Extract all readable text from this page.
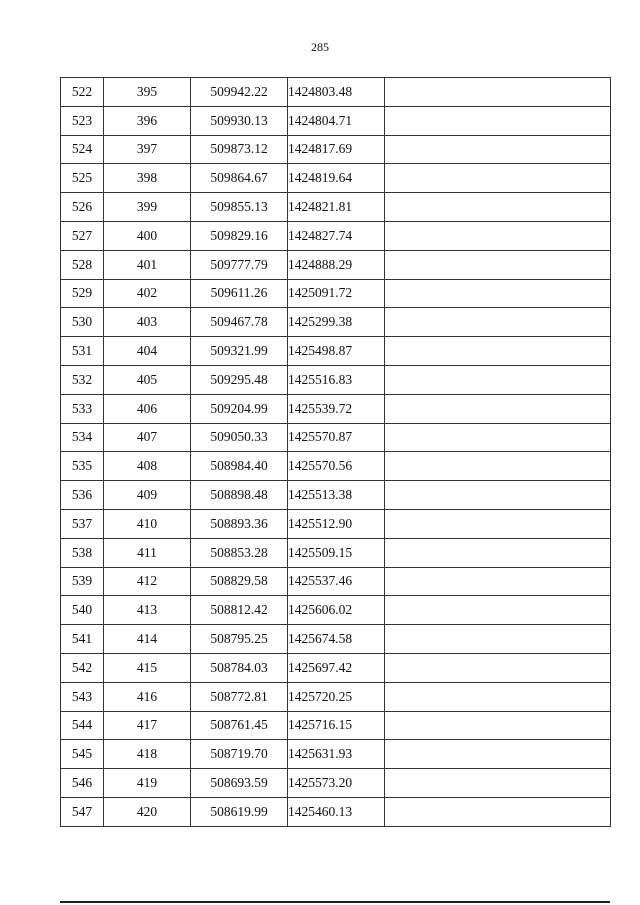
285
522	395	509942.22	1424803.48	
523	396	509930.13	1424804.71	
524	397	509873.12	1424817.69	
525	398	509864.67	1424819.64	
526	399	509855.13	1424821.81	
527	400	509829.16	1424827.74	
528	401	509777.79	1424888.29	
529	402	509611.26	1425091.72	
530	403	509467.78	1425299.38	
531	404	509321.99	1425498.87	
532	405	509295.48	1425516.83	
533	406	509204.99	1425539.72	
534	407	509050.33	1425570.87	
535	408	508984.40	1425570.56	
536	409	508898.48	1425513.38	
537	410	508893.36	1425512.90	
538	411	508853.28	1425509.15	
539	412	508829.58	1425537.46	
540	413	508812.42	1425606.02	
541	414	508795.25	1425674.58	
542	415	508784.03	1425697.42	
543	416	508772.81	1425720.25	
544	417	508761.45	1425716.15	
545	418	508719.70	1425631.93	
546	419	508693.59	1425573.20	
547	420	508619.99	1425460.13	
